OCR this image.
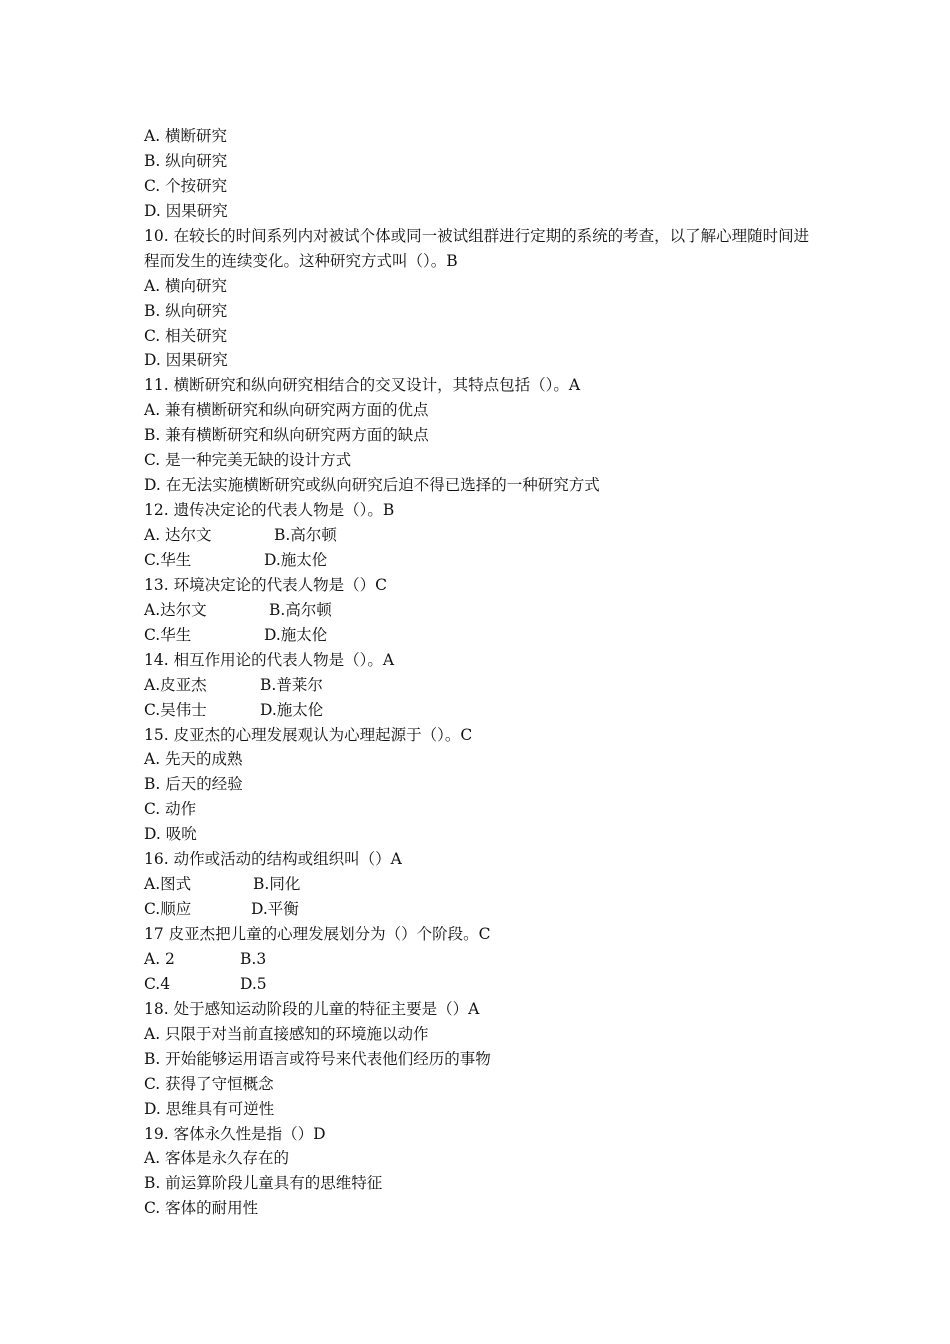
A. 横断研究
B. 纵向研究
C. 个按研究
D. 因果研究
10. 在较长的时间系列内对被试个体或同一被试组群进行定期的系统的考查，以了解心理随时间进程而发生的连续变化。这种研究方式叫（）。B
A. 横向研究
B. 纵向研究
C. 相关研究
D. 因果研究
11. 横断研究和纵向研究相结合的交叉设计，其特点包括（）。A
A. 兼有横断研究和纵向研究两方面的优点
B. 兼有横断研究和纵向研究两方面的缺点
C. 是一种完美无缺的设计方式
D. 在无法实施横断研究或纵向研究后迫不得已选择的一种研究方式
12. 遗传决定论的代表人物是（）。B
A. 达尔文	B.高尔顿
C.华生	D.施太伦
13. 环境决定论的代表人物是（）C
A.达尔文	B.高尔顿
C.华生	D.施太伦
14. 相互作用论的代表人物是（）。A
A.皮亚杰	B.普莱尔
C.吴伟士	D.施太伦
15. 皮亚杰的心理发展观认为心理起源于（）。C
A. 先天的成熟
B. 后天的经验
C. 动作
D. 吸吮
16. 动作或活动的结构或组织叫（）A
A.图式	B.同化
C.顺应	D.平衡
17 皮亚杰把儿童的心理发展划分为（）个阶段。C
A. 2	B.3
C.4	D.5
18. 处于感知运动阶段的儿童的特征主要是（）A
A. 只限于对当前直接感知的环境施以动作
B. 开始能够运用语言或符号来代表他们经历的事物
C. 获得了守恒概念
D. 思维具有可逆性
19. 客体永久性是指（）D
A. 客体是永久存在的
B. 前运算阶段儿童具有的思维特征
C. 客体的耐用性
